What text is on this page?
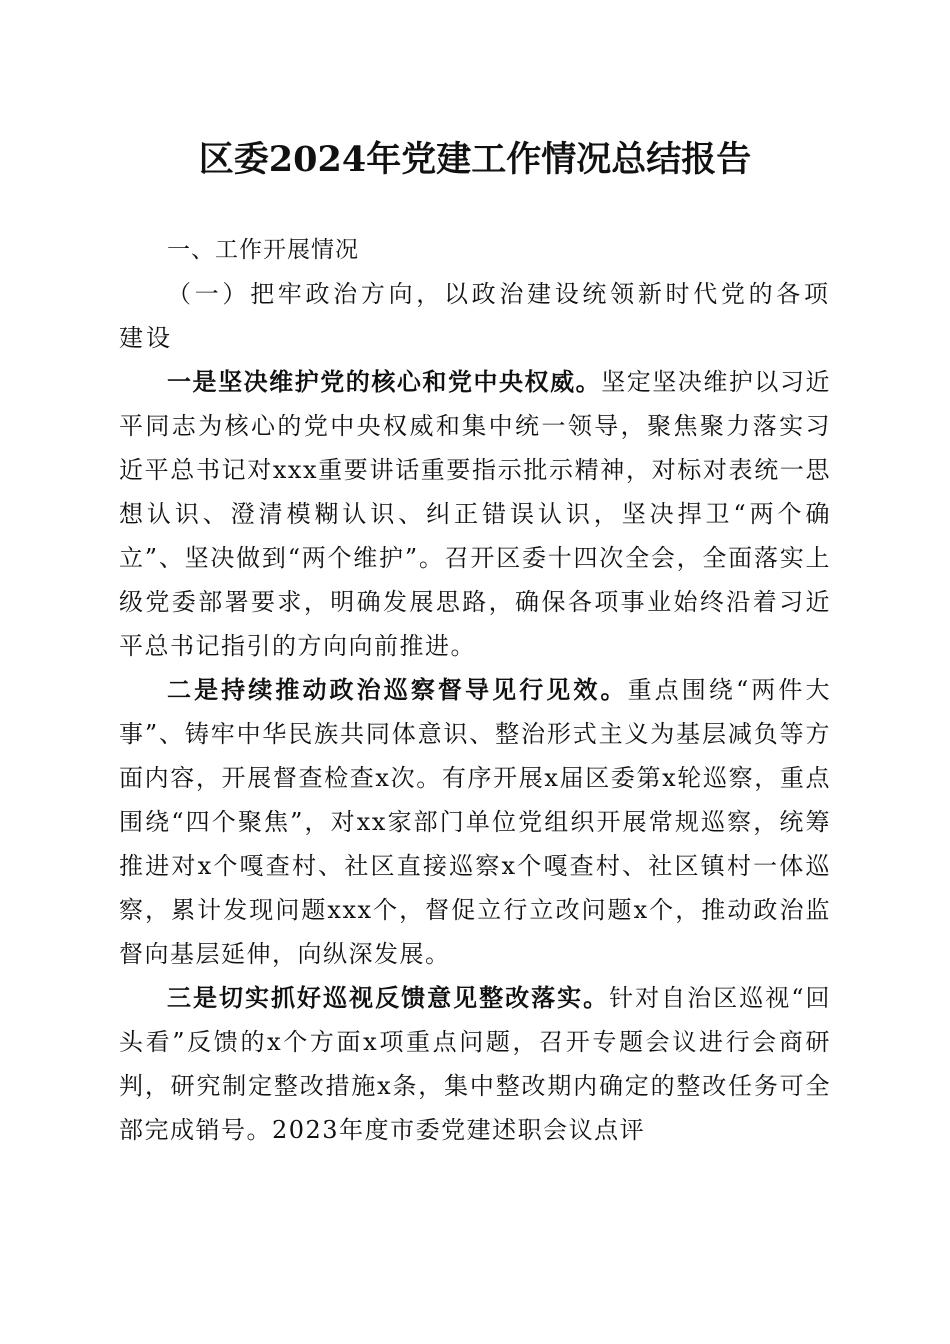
区委2024年党建工作情况总结报告

一、工作开展情况

（一）把牢政治方向，以政治建设统领新时代党的各项建设

一是坚决维护党的核心和党中央权威。坚定坚决维护以习近平同志为核心的党中央权威和集中统一领导，聚焦聚力落实习近平总书记对xxx重要讲话重要指示批示精神，对标对表统一思想认识、澄清模糊认识、纠正错误认识，坚决捍卫“两个确立”、坚决做到“两个维护”。召开区委十四次全会，全面落实上级党委部署要求，明确发展思路，确保各项事业始终沿着习近平总书记指引的方向向前推进。

二是持续推动政治巡察督导见行见效。重点围绕“两件大事”、铸牢中华民族共同体意识、整治形式主义为基层减负等方面内容，开展督查检查x次。有序开展x届区委第x轮巡察，重点围绕“四个聚焦”，对xx家部门单位党组织开展常规巡察，统筹推进对x个嘎查村、社区直接巡察x个嘎查村、社区镇村一体巡察，累计发现问题xxx个，督促立行立改问题x个，推动政治监督向基层延伸，向纵深发展。

三是切实抓好巡视反馈意见整改落实。针对自治区巡视“回头看”反馈的x个方面x项重点问题，召开专题会议进行会商研判，研究制定整改措施x条，集中整改期内确定的整改任务可全部完成销号。2023年度市委党建述职会议点评
